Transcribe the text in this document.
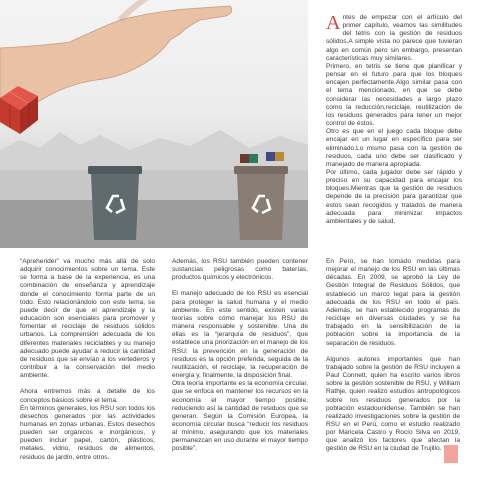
A ntes de empezar con el artículo del primer capítulo, veamos las similitudes del tetris con la gestión de residuos sólidos.A simple vista no parece que tuvieran algo en común pero sin embargo, presentan características muy similares.
Primero, en tetris se tiene que planificar y pensar en el futuro para que los bloques encajen perfectamente.Algo similar pasa con el tema mencionado, en que se debe considerar las necesidades a largo plazo como la reducción,reciclaje, reutilización de los residuos generados para tener un mejor control de éstos.
Otro es que en el juego cada bloque debe encajar en un lugar en específico para ser eliminado.Lo mismo pasa con la gestión de residuos, cada uno debe ser clasificado y manejado de manera apropiada.
Por último, cada jugador debe ser rápido y preciso en su capacidad para encajar los bloques.Mientras que la gestión de residuos depende de la precisión para garantizar que estos sean recogidos y tratados de manera adecuada para minimizar impactos ambientales y de salud.

“Aprehender” va mucho más allá de solo adquirir conocimientos sobre un tema. Este se forma a base de la experiencia, es una combinación de enseñanza y aprendizaje donde el conocimiento forma parte de un todo. Esto relacionándolo con este tema, se puede decir de que el aprendizaje y la educación son esenciales para promover y fomentar el reciclaje de residuos sólidos urbanos. La comprensión adecuada de los diferentes materiales reciclables y su manejo adecuado puede ayudar a reducir la cantidad de residuos que se envían a los vertederos y contribuir a la conservación del medio ambiente.

Ahora entremos más a detalle de los conceptos básicos sobre el tema.
En términos generales, los RSU son todos los desechos generados por las actividades humanas en zonas urbanas. Estos desechos pueden ser orgánicos e inorgánicos, y pueden incluir papel, cartón, plásticos, metales, vidrio, residuos de alimentos, residuos de jardín, entre otros.

Además, los RSU también pueden contener sustancias peligrosas como baterías, productos químicos y electrónicos.

El manejo adecuado de los RSU es esencial para proteger la salud humana y el medio ambiente. En este sentido, existen varias teorías sobre cómo manejar los RSU de manera responsable y sostenible. Una de ellas es la “jerarquía de residuos”, que establece una priorización en el manejo de los RSU: la prevención en la generación de residuos es la opción preferida, seguida de la reutilización, el reciclaje, la recuperación de energía y, finalmente, la disposición final.
Otra teoría importante es la economía circular, que se enfoca en mantener los recursos en la economía el mayor tiempo posible, reduciendo así la cantidad de residuos que se generan. Según la Comisión Europea, la economía circular busca “reducir los residuos al mínimo, asegurando que los materiales permanezcan en uso durante el mayor tiempo posible”.

En Perú, se han tomado medidas para mejorar el manejo de los RSU en las últimas décadas. En 2009, se aprobó la Ley de Gestión Integral de Residuos Sólidos, que estableció un marco legal para la gestión adecuada de los RSU en todo el país. Además, se han establecido programas de reciclaje en diversas ciudades y se ha trabajado en la sensibilización de la población sobre la importancia de la separación de residuos.

Algunos autores importantes que han trabajado sobre la gestión de RSU incluyen a Paul Connett, quien ha escrito varios libros sobre la gestión sostenible de RSU, y William Rathje, quien realizó estudios antropológicos sobre los residuos generados por la población estadounidense. También se han realizado investigaciones sobre la gestión de RSU en el Perú, como el estudio realizado por Maricela Castro y Rocío Silva en 2019, que analizó los factores que afectan la gestión de RSU en la ciudad de Trujillo.
